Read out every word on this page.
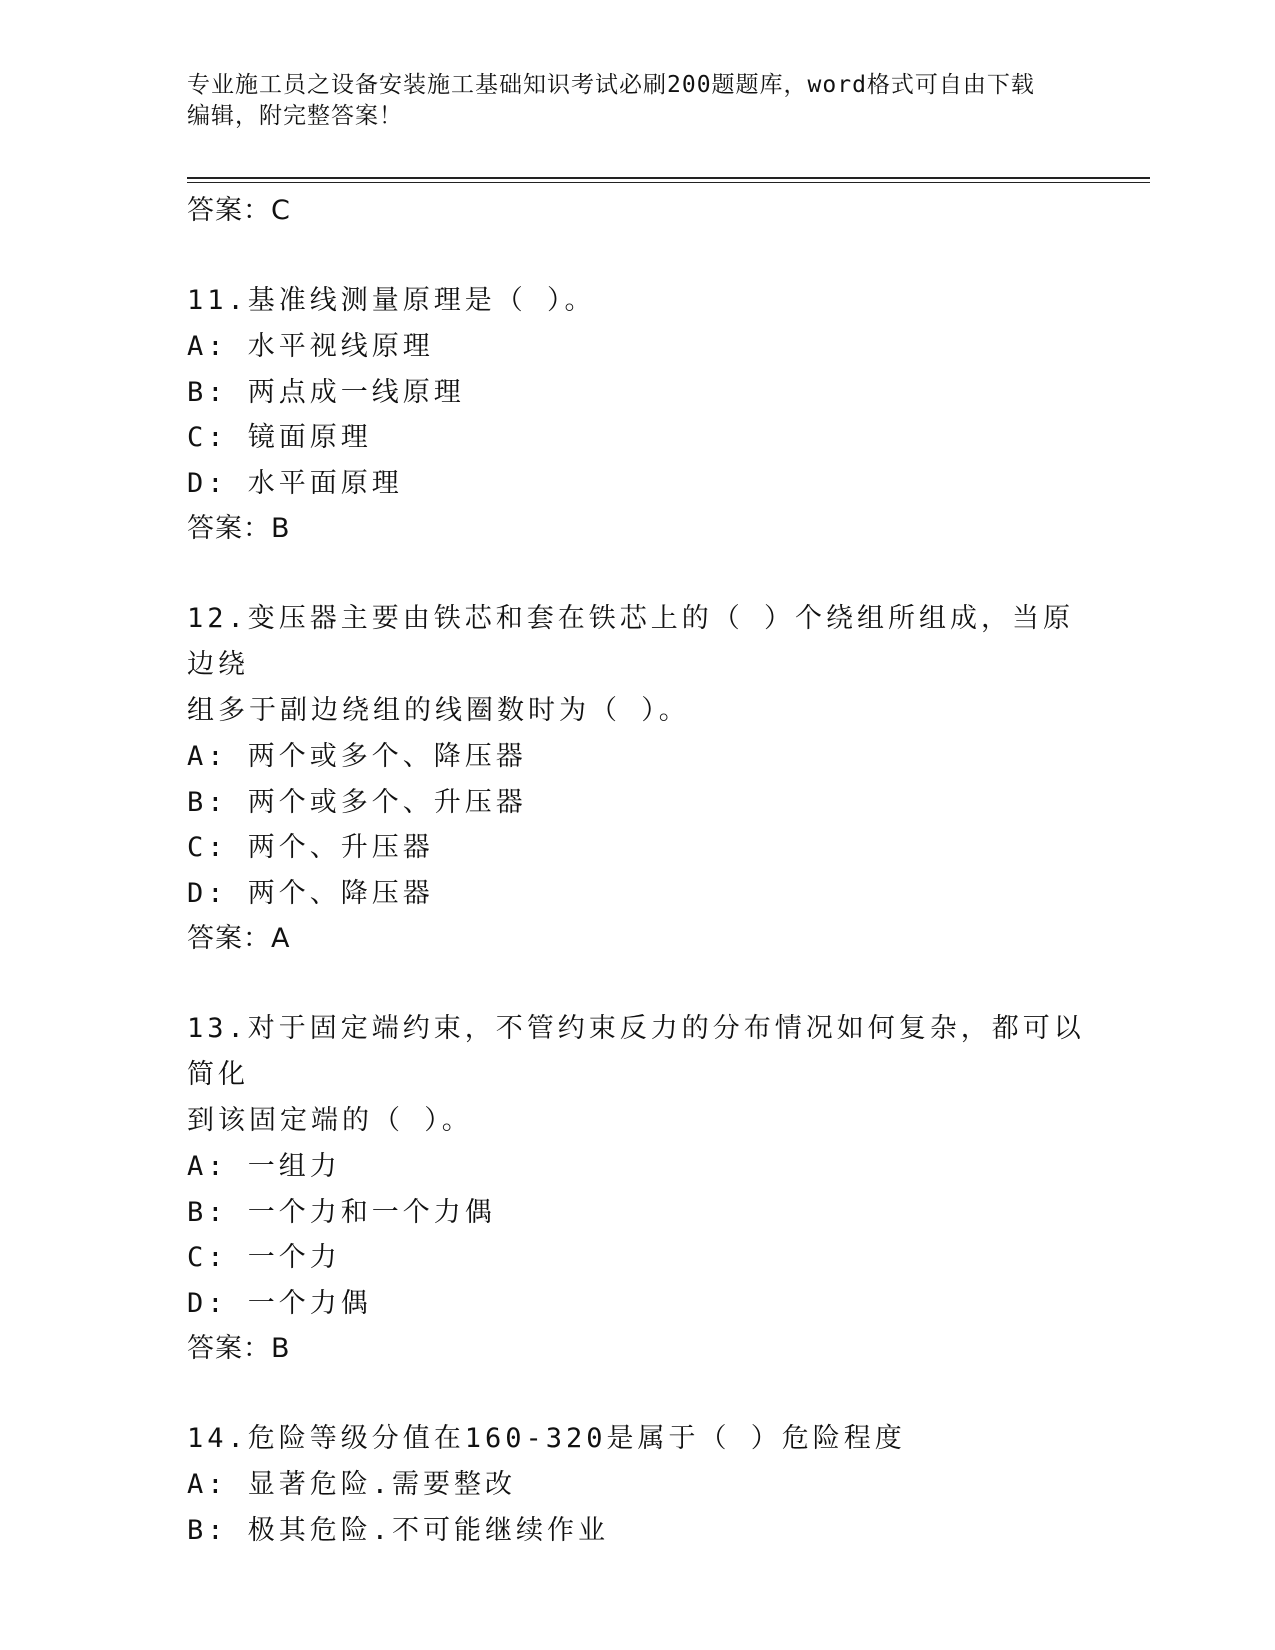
专业施工员之设备安装施工基础知识考试必刷200题题库，word格式可自由下载
编辑，附完整答案！
答案：C
11.基准线测量原理是（ ）。
A: 水平视线原理
B: 两点成一线原理
C: 镜面原理
D: 水平面原理
答案：B
12.变压器主要由铁芯和套在铁芯上的（ ）个绕组所组成，当原边绕
组多于副边绕组的线圈数时为（ ）。
A: 两个或多个、降压器
B: 两个或多个、升压器
C: 两个、升压器
D: 两个、降压器
答案：A
13.对于固定端约束，不管约束反力的分布情况如何复杂，都可以简化
到该固定端的（ ）。
A: 一组力
B: 一个力和一个力偶
C: 一个力
D: 一个力偶
答案：B
14.危险等级分值在160-320是属于（ ）危险程度
A: 显著危险.需要整改
B: 极其危险.不可能继续作业
